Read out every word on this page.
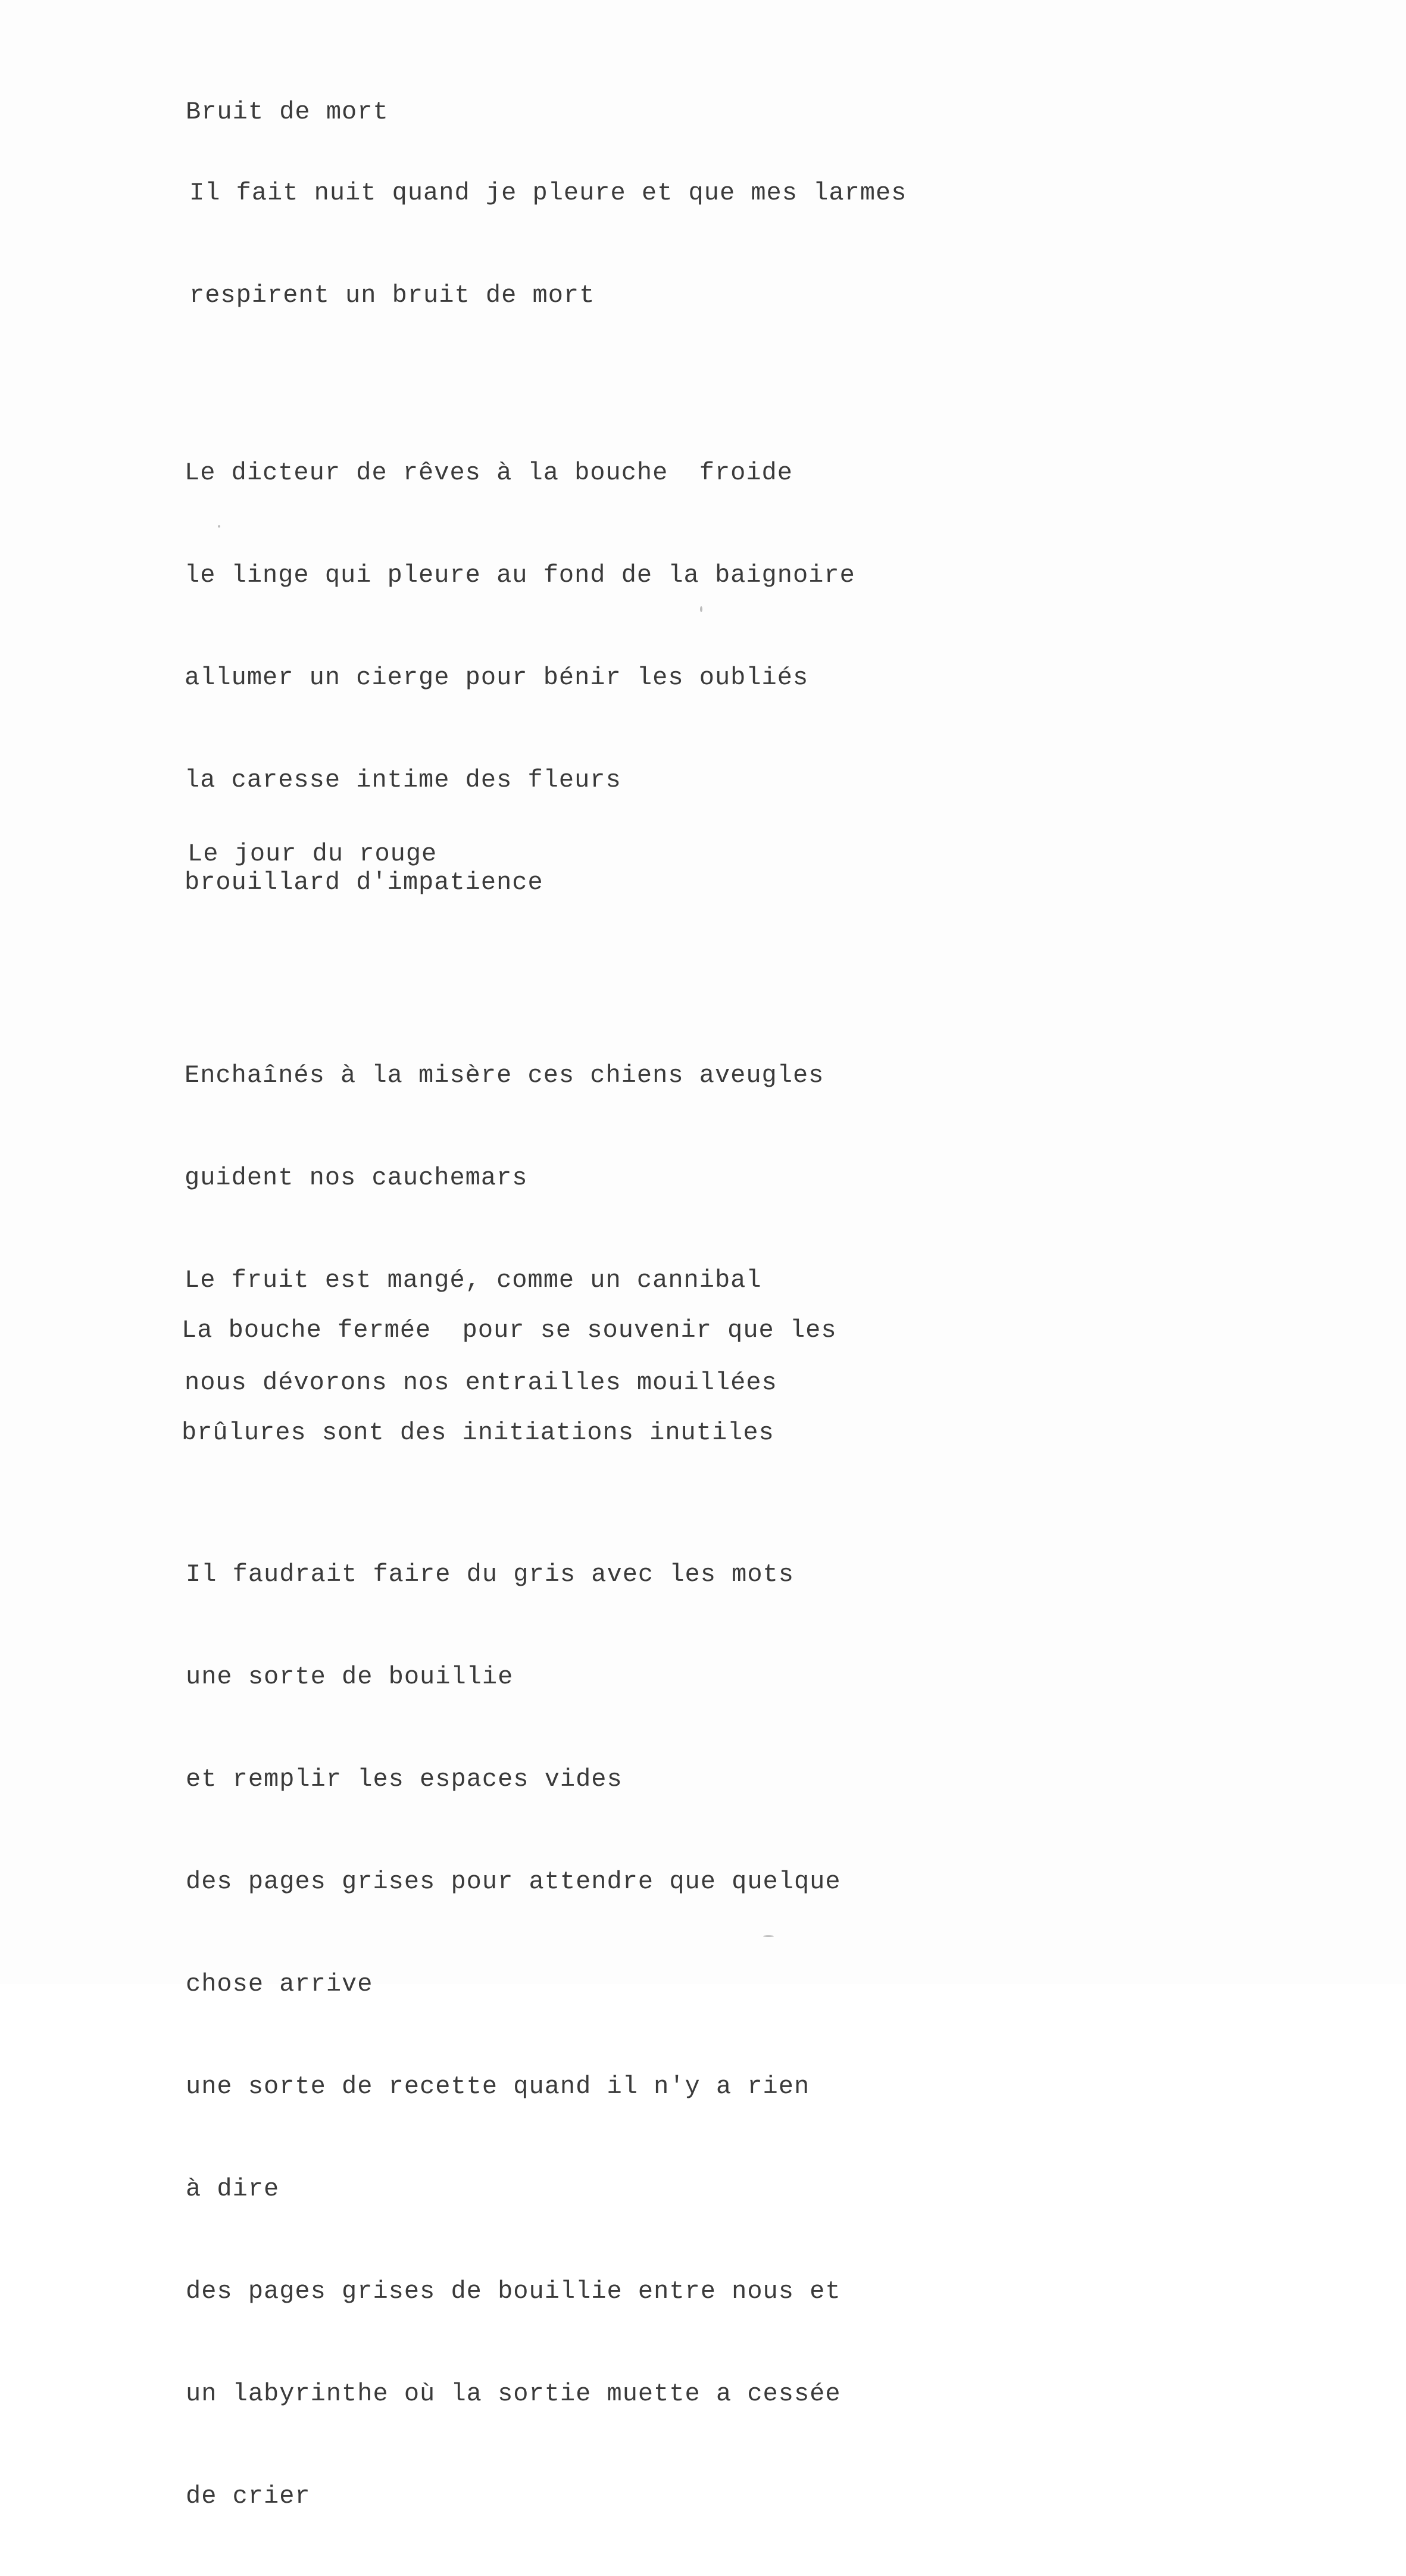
Bruit de mort

Il fait nuit quand je pleure et que mes larmes

respirent un bruit de mort

Le dicteur de rêves à la bouche  froide

le linge qui pleure au fond de la baignoire

allumer un cierge pour bénir les oubliés

la caresse intime des fleurs

brouillard d'impatience

Le jour du rouge

Enchaînés à la misère ces chiens aveugles

guident nos cauchemars

Le fruit est mangé, comme un cannibal

nous dévorons nos entrailles mouillées

La bouche fermée  pour se souvenir que les

brûlures sont des initiations inutiles

Il faudrait faire du gris avec les mots

une sorte de bouillie

et remplir les espaces vides

des pages grises pour attendre que quelque

chose arrive

une sorte de recette quand il n'y a rien

à dire

des pages grises de bouillie entre nous et

un labyrinthe où la sortie muette a cessée

de crier
